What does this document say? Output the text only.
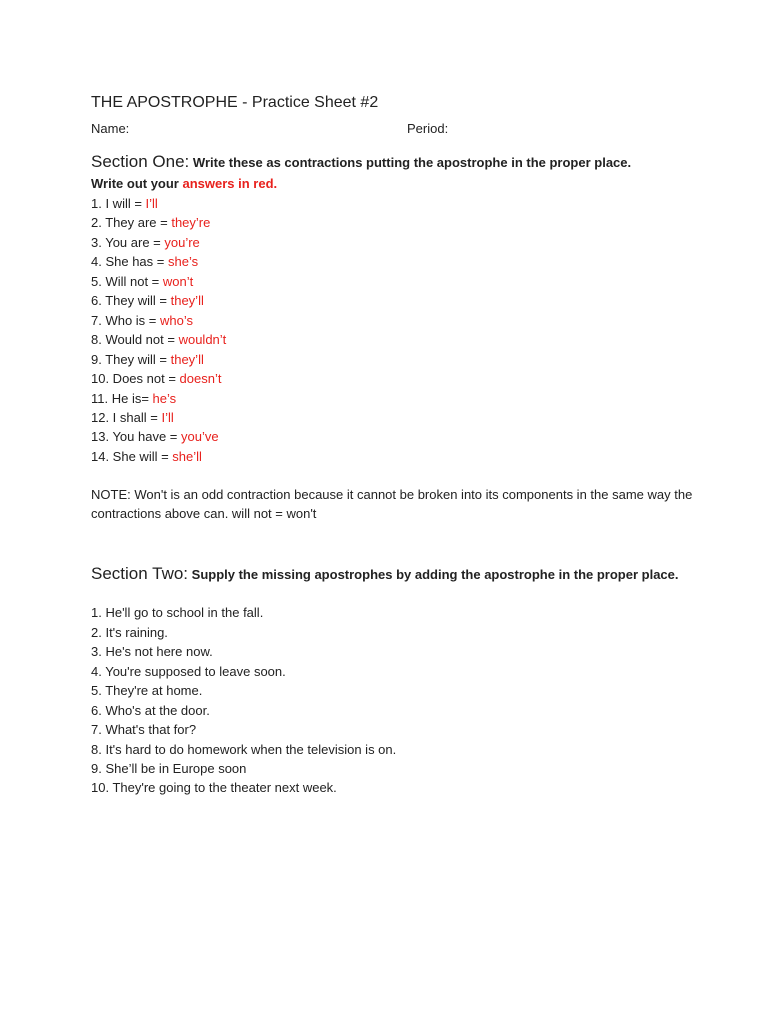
THE APOSTROPHE - Practice Sheet #2
Name:	Period:

Section One: Write these as contractions putting the apostrophe in the proper place.
Write out your answers in red.

1. I will = I’ll
2. They are = they’re
3. You are = you’re
4. She has = she’s
5. Will not = won’t
6. They will = they’ll
7. Who is = who’s
8. Would not = wouldn’t
9. They will = they’ll
10. Does not = doesn’t
11. He is= he’s
12. I shall = I’ll
13. You have = you’ve
14. She will = she’ll

NOTE: Won't is an odd contraction because it cannot be broken into its components in the same way the contractions above can. will not = won't

Section Two: Supply the missing apostrophes by adding the apostrophe in the proper place.

1. He'll go to school in the fall.
2. It's raining.
3. He's not here now.
4. You're supposed to leave soon.
5. They're at home.
6. Who's at the door.
7. What's that for?
8. It's hard to do homework when the television is on.
9. She’ll be in Europe soon
10. They're going to the theater next week.
